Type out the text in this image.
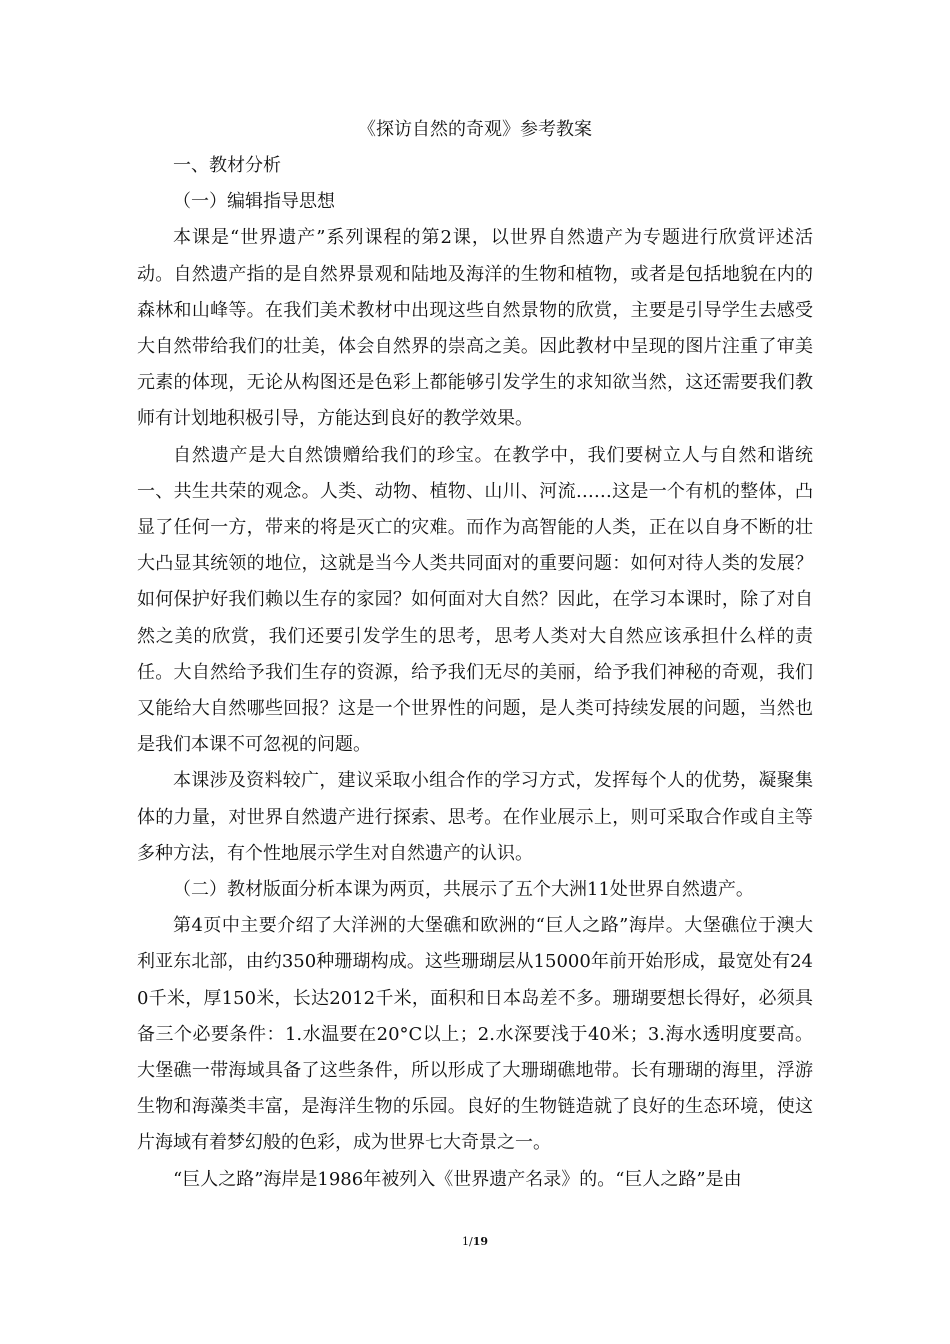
《探访自然的奇观》参考教案

一、教材分析

（一）编辑指导思想

本课是“世界遗产”系列课程的第2课，以世界自然遗产为专题进行欣赏评述活动。自然遗产指的是自然界景观和陆地及海洋的生物和植物，或者是包括地貌在内的森林和山峰等。在我们美术教材中出现这些自然景物的欣赏，主要是引导学生去感受大自然带给我们的壮美，体会自然界的崇高之美。因此教材中呈现的图片注重了审美元素的体现，无论从构图还是色彩上都能够引发学生的求知欲当然，这还需要我们教师有计划地积极引导，方能达到良好的教学效果。

自然遗产是大自然馈赠给我们的珍宝。在教学中，我们要树立人与自然和谐统一、共生共荣的观念。人类、动物、植物、山川、河流……这是一个有机的整体，凸显了任何一方，带来的将是灭亡的灾难。而作为高智能的人类，正在以自身不断的壮大凸显其统领的地位，这就是当今人类共同面对的重要问题：如何对待人类的发展？如何保护好我们赖以生存的家园？如何面对大自然？因此，在学习本课时，除了对自然之美的欣赏，我们还要引发学生的思考，思考人类对大自然应该承担什么样的责任。大自然给予我们生存的资源，给予我们无尽的美丽，给予我们神秘的奇观，我们又能给大自然哪些回报？这是一个世界性的问题，是人类可持续发展的问题，当然也是我们本课不可忽视的问题。

本课涉及资料较广，建议采取小组合作的学习方式，发挥每个人的优势，凝聚集体的力量，对世界自然遗产进行探索、思考。在作业展示上，则可采取合作或自主等多种方法，有个性地展示学生对自然遗产的认识。

（二）教材版面分析本课为两页，共展示了五个大洲11处世界自然遗产。

第4页中主要介绍了大洋洲的大堡礁和欧洲的“巨人之路”海岸。大堡礁位于澳大利亚东北部，由约350种珊瑚构成。这些珊瑚层从15000年前开始形成，最宽处有240千米，厚150米，长达2012千米，面积和日本岛差不多。珊瑚要想长得好，必须具备三个必要条件：1.水温要在20°C以上；2.水深要浅于40米；3.海水透明度要高。大堡礁一带海域具备了这些条件，所以形成了大珊瑚礁地带。长有珊瑚的海里，浮游生物和海藻类丰富，是海洋生物的乐园。良好的生物链造就了良好的生态环境，使这片海域有着梦幻般的色彩，成为世界七大奇景之一。

“巨人之路”海岸是1986年被列入《世界遗产名录》的。“巨人之路”是由

1/19
